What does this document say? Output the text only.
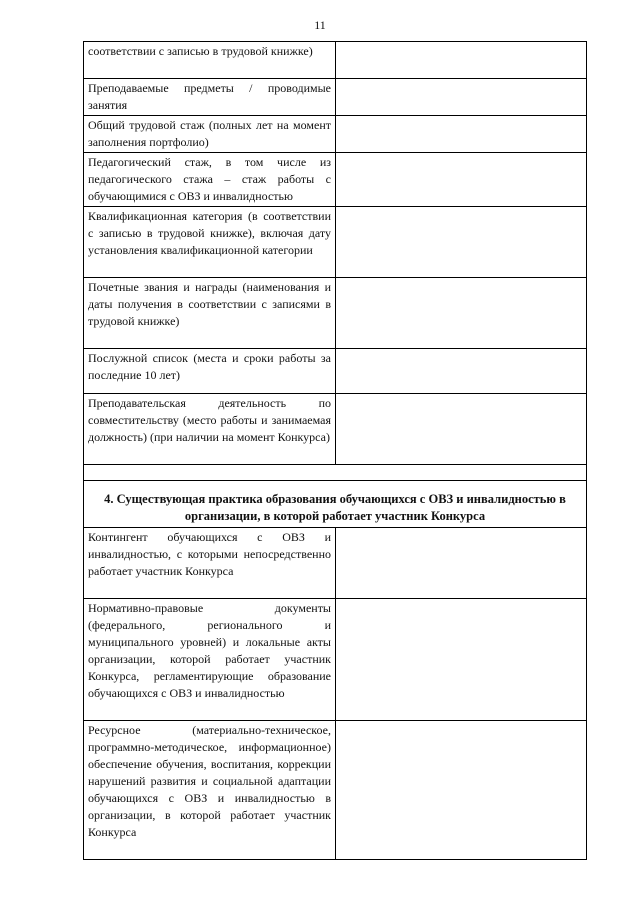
11
соответствии с записью в трудовой книжке)	
Преподаваемые предметы / проводимые занятия	
Общий трудовой стаж (полных лет на момент заполнения портфолио)	
Педагогический стаж, в том числе из педагогического стажа – стаж работы с обучающимися с ОВЗ и инвалидностью	
Квалификационная категория (в соответствии с записью в трудовой книжке), включая дату установления квалификационной категории	
Почетные звания и награды (наименования и даты получения в соответствии с записями в трудовой книжке)	
Послужной список (места и сроки работы за последние 10 лет)	
Преподавательская деятельность по совместительству (место работы и занимаемая должность) (при наличии на момент Конкурса)	

4. Существующая практика образования обучающихся с ОВЗ и инвалидностью в организации, в которой работает участник Конкурса	
Контингент обучающихся с ОВЗ и инвалидностью, с которыми непосредственно работает участник Конкурса	
Нормативно-правовые документы (федерального, регионального и муниципального уровней) и локальные акты организации, которой работает участник Конкурса, регламентирующие образование обучающихся с ОВЗ и инвалидностью	
Ресурсное (материально-техническое, программно-методическое, информационное) обеспечение обучения, воспитания, коррекции нарушений развития и социальной адаптации обучающихся с ОВЗ и инвалидностью в организации, в которой работает участник Конкурса	
